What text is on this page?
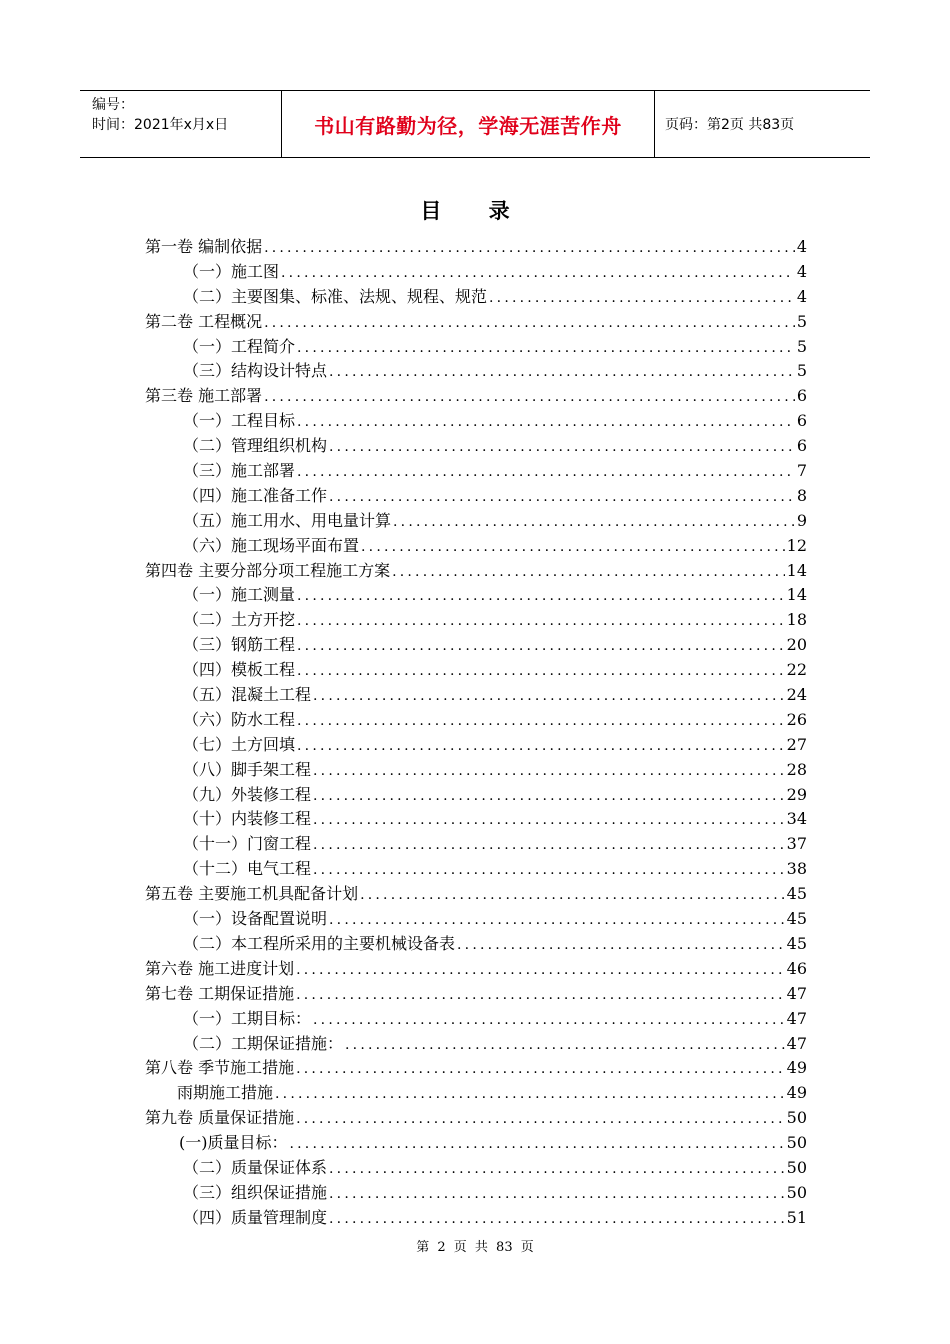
编号：
时间：2021年x月x日	书山有路勤为径，学海无涯苦作舟	页码：第2页 共83页
目 录
第一卷 编制依据 .....	4
（一）施工图 .....	4
（二）主要图集、标准、法规、规程、规范 .....	4
第二卷 工程概况 .....	5
（一）工程简介 .....	5
（三）结构设计特点 .....	5
第三卷 施工部署 .....	6
（一）工程目标 .....	6
（二）管理组织机构 .....	6
（三）施工部署 .....	7
（四）施工准备工作 .....	8
（五）施工用水、用电量计算 .....	9
（六）施工现场平面布置 .....	12
第四卷 主要分部分项工程施工方案 .....	14
（一）施工测量 .....	14
（二）土方开挖 .....	18
（三）钢筋工程 .....	20
（四）模板工程 .....	22
（五）混凝土工程 .....	24
（六）防水工程 .....	26
（七）土方回填 .....	27
（八）脚手架工程 .....	28
（九）外装修工程 .....	29
（十）内装修工程 .....	34
（十一）门窗工程 .....	37
（十二）电气工程 .....	38
第五卷 主要施工机具配备计划 .....	45
（一）设备配置说明 .....	45
（二）本工程所采用的主要机械设备表 .....	45
第六卷 施工进度计划 .....	46
第七卷 工期保证措施 .....	47
（一）工期目标： .....	47
（二）工期保证措施： .....	47
第八卷 季节施工措施 .....	49
雨期施工措施 .....	49
第九卷 质量保证措施 .....	50
(一)质量目标： .....	50
（二）质量保证体系 .....	50
（三）组织保证措施 .....	50
（四）质量管理制度 .....	51
第 2 页 共 83 页
